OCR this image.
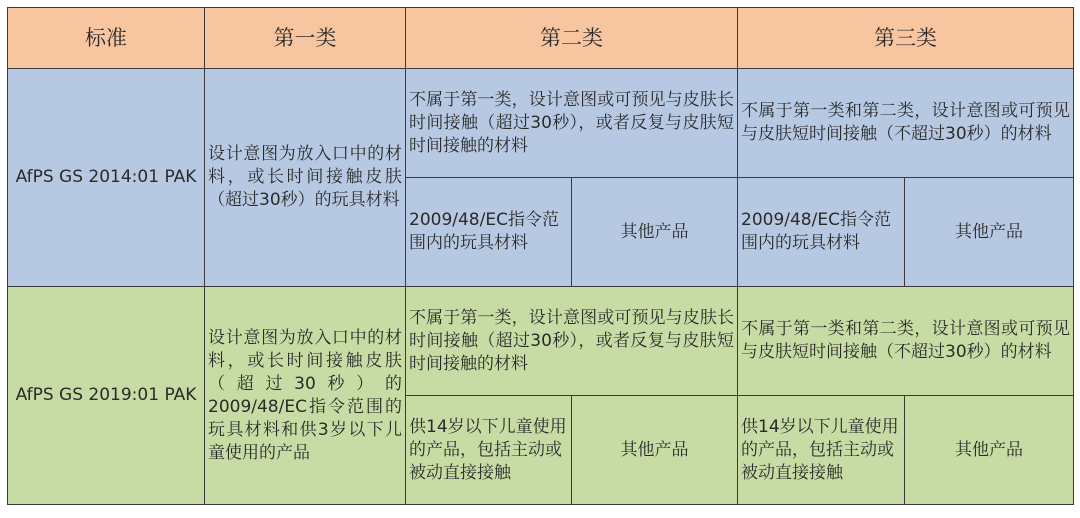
标准	第一类	第二类		第三类	
AfPS GS 2014:01 PAK	设计意图为放入口中的材料，或长时间接触皮肤（超过30秒）的玩具材料	不属于第一类，设计意图或可预见与皮肤长时间接触（超过30秒），或者反复与皮肤短时间接触的材料		不属于第一类和第二类，设计意图或可预见与皮肤短时间接触（不超过30秒）的材料	
		2009/48/EC指令范围内的玩具材料	其他产品	2009/48/EC指令范围内的玩具材料	其他产品
AfPS GS 2019:01 PAK	设计意图为放入口中的材料，或长时间接触皮肤（超过30秒）的2009/48/EC指令范围的玩具材料和供3岁以下儿童使用的产品	不属于第一类，设计意图或可预见与皮肤长时间接触（超过30秒），或者反复与皮肤短时间接触的材料		不属于第一类和第二类，设计意图或可预见与皮肤短时间接触（不超过30秒）的材料	
		供14岁以下儿童使用的产品，包括主动或被动直接接触	其他产品	供14岁以下儿童使用的产品，包括主动或被动直接接触	其他产品
